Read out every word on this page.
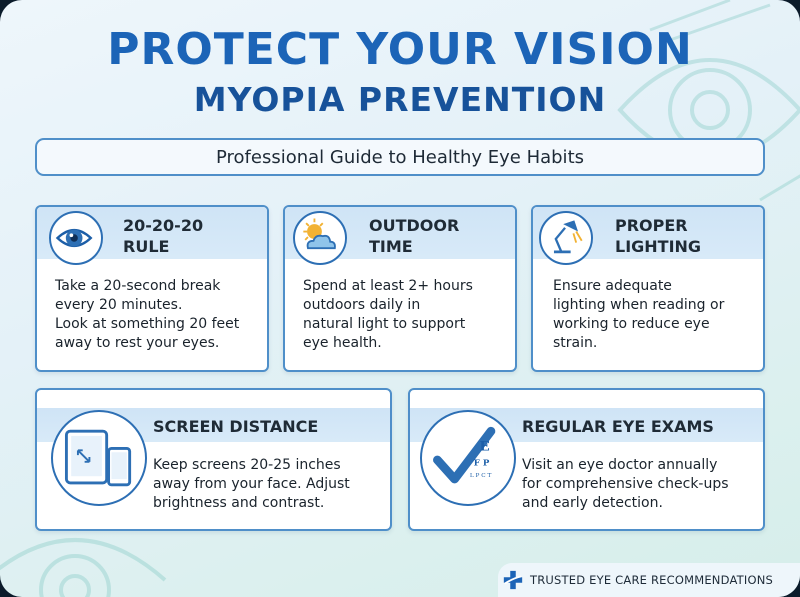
PROTECT YOUR VISION
MYOPIA PREVENTION
Professional Guide to Healthy Eye Habits
20-20-20
RULE
Take a 20-second break
every 20 minutes.
Look at something 20 feet
away to rest your eyes.
OUTDOOR
TIME
Spend at least 2+ hours
outdoors daily in
natural light to support
eye health.
PROPER
LIGHTING
Ensure adequate
lighting when reading or
working to reduce eye
strain.
SCREEN DISTANCE
Keep screens 20-25 inches
away from your face. Adjust
brightness and contrast.
E
F P
L P C T
REGULAR EYE EXAMS
Visit an eye doctor annually
for comprehensive check-ups
and early detection.
TRUSTED EYE CARE RECOMMENDATIONS
